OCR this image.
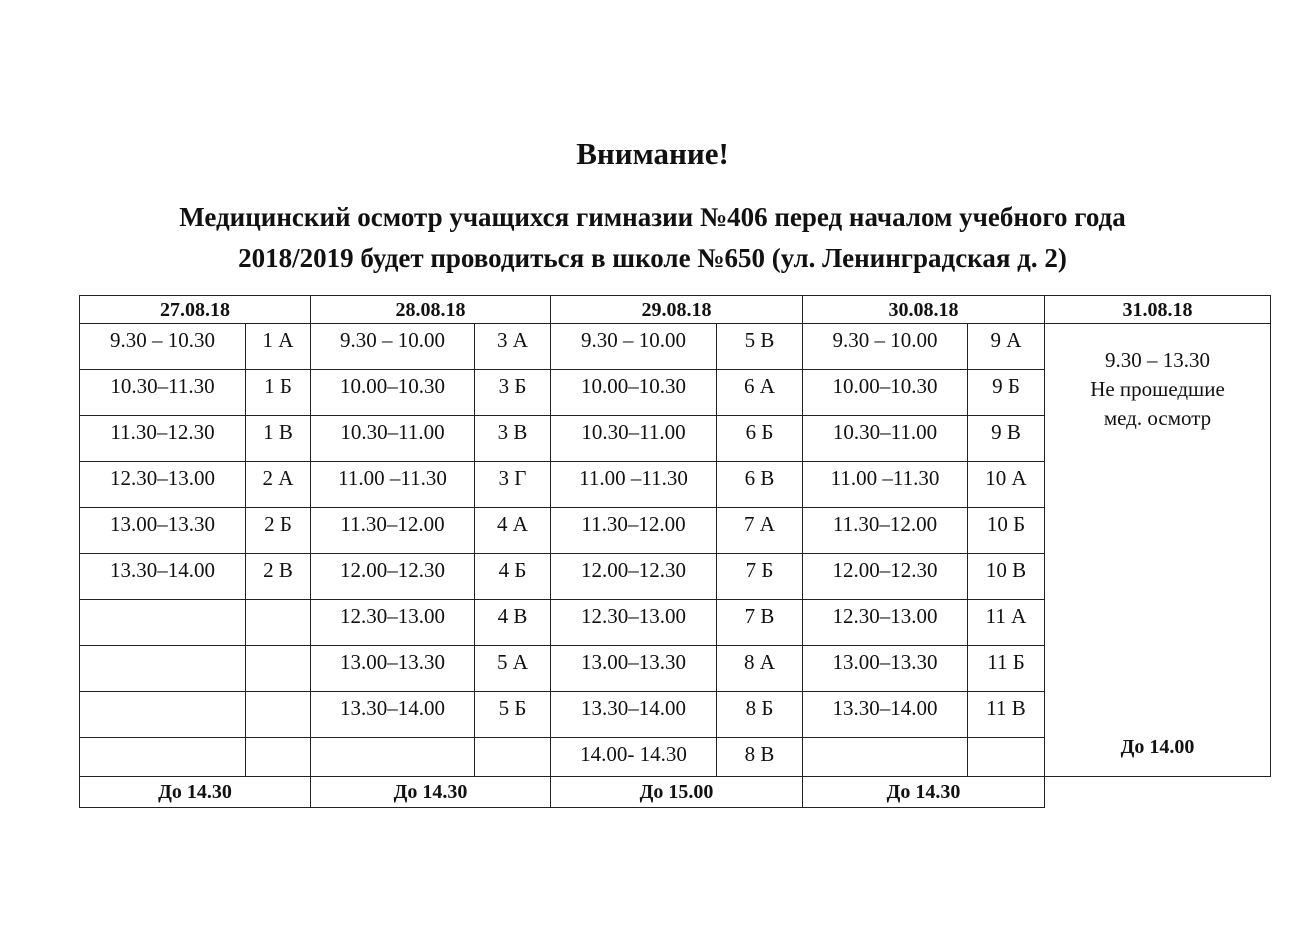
Внимание!
Медицинский осмотр учащихся гимназии №406 перед началом учебного года
2018/2019 будет проводиться в школе №650 (ул. Ленинградская д. 2)
27.08.18		28.08.18		29.08.18		30.08.18		31.08.18
9.30 – 10.30	1 А	9.30 – 10.00	3 А	9.30 – 10.00	5 В	9.30 – 10.00	9 А	9.30 – 13.30
Не прошедшие
мед. осмотр
До 14.00

10.30–11.30	1 Б	10.00–10.30	3 Б	10.00–10.30	6 А	10.00–10.30	9 Б	
11.30–12.30	1 В	10.30–11.00	3 В	10.30–11.00	6 Б	10.30–11.00	9 В	
12.30–13.00	2 А	11.00 –11.30	3 Г	11.00 –11.30	6 В	11.00 –11.30	10 А	
13.00–13.30	2 Б	11.30–12.00	4 А	11.30–12.00	7 А	11.30–12.00	10 Б	
13.30–14.00	2 В	12.00–12.30	4 Б	12.00–12.30	7 Б	12.00–12.30	10 В	
		12.30–13.00	4 В	12.30–13.00	7 В	12.30–13.00	11 А	
		13.00–13.30	5 А	13.00–13.30	8 А	13.00–13.30	11 Б	
		13.30–14.00	5 Б	13.30–14.00	8 Б	13.30–14.00	11 В	
				14.00- 14.30	8 В			
До 14.30		До 14.30		До 15.00		До 14.30		
